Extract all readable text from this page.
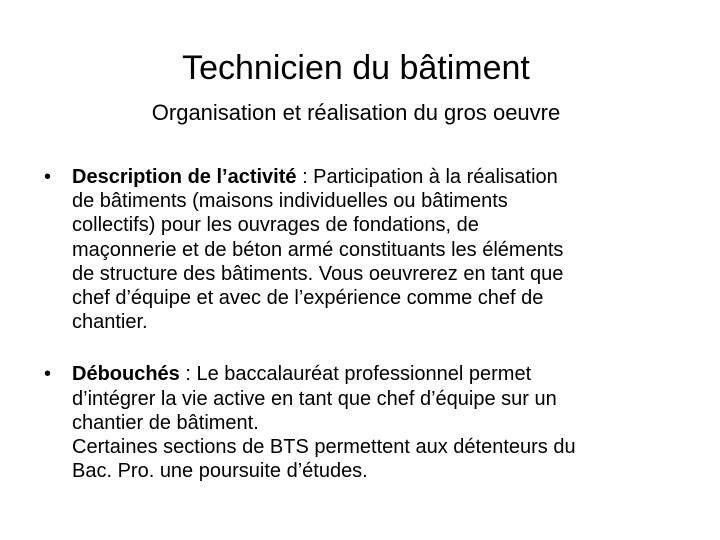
Technicien du bâtiment
Organisation et réalisation du gros oeuvre
•	Description de l’activité : Participation à la réalisation
de bâtiments (maisons individuelles ou bâtiments
collectifs) pour les ouvrages de fondations, de
maçonnerie et de béton armé constituants les éléments
de structure des bâtiments. Vous oeuvrerez en tant que
chef d’équipe et avec de l’expérience comme chef de
chantier.
•	Débouchés : Le baccalauréat professionnel permet
d’intégrer la vie active en tant que chef d’équipe sur un
chantier de bâtiment.
Certaines sections de BTS permettent aux détenteurs du
Bac. Pro. une poursuite d’études.
